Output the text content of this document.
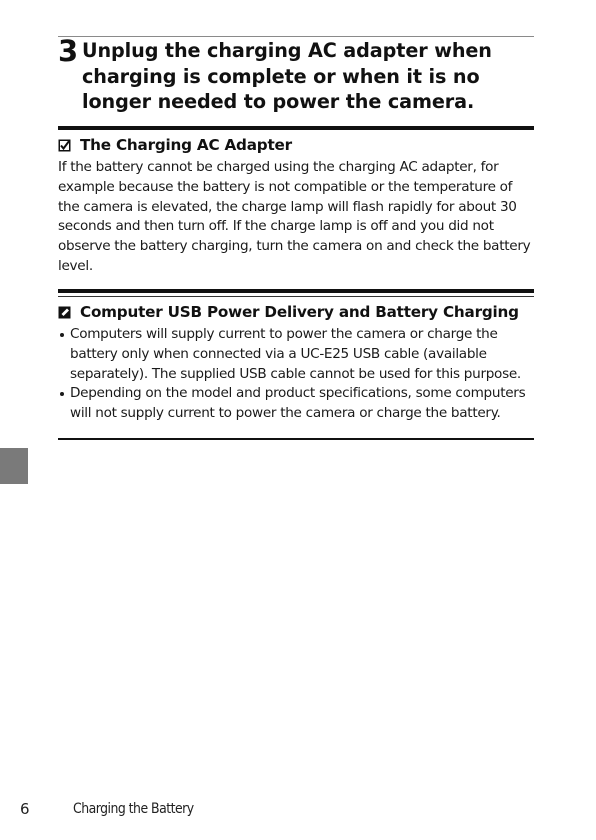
3 Unplug the charging AC adapter when charging is complete or when it is no longer needed to power the camera.
The Charging AC Adapter

If the battery cannot be charged using the charging AC adapter, for example because the battery is not compatible or the temperature of the camera is elevated, the charge lamp will flash rapidly for about 30 seconds and then turn off. If the charge lamp is off and you did not observe the battery charging, turn the camera on and check the battery level.

Computer USB Power Delivery and Battery Charging
Computers will supply current to power the camera or charge the battery only when connected via a UC-E25 USB cable (available separately). The supplied USB cable cannot be used for this purpose.
Depending on the model and product specifications, some computers will not supply current to power the camera or charge the battery.
6	Charging the Battery
